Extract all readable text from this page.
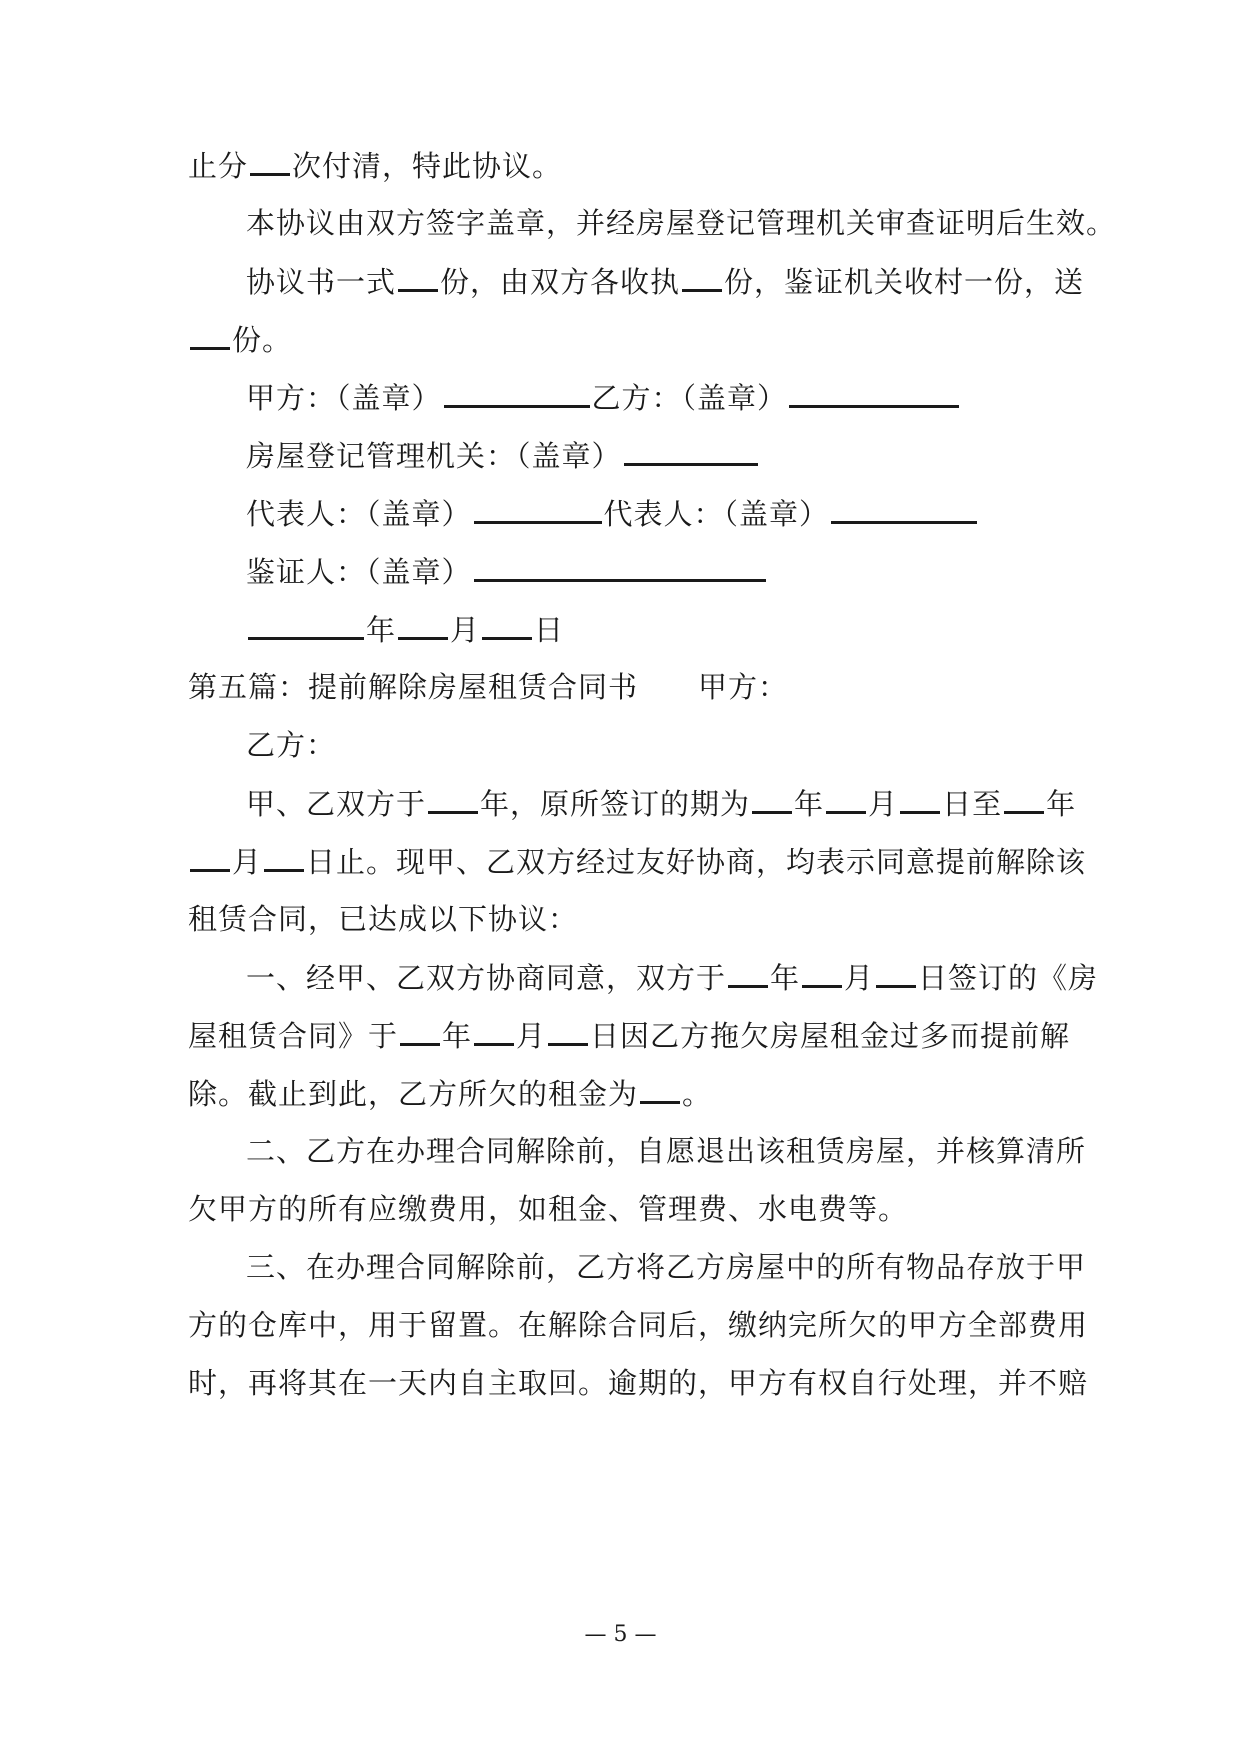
止分 次付清，特此协议。
本协议由双方签字盖章，并经房屋登记管理机关审查证明后生效。
协议书一式 份，由双方各收执 份，鉴证机关收村一份，送
份。
甲方：（盖章）	乙方：（盖章）
房屋登记管理机关：（盖章）
代表人：（盖章）	代表人：（盖章）
鉴证人：（盖章）
年 月 日
第五篇：提前解除房屋租赁合同书 甲方：
乙方：
甲、乙双方于 年，原所签订的期为 年 月 日至 年
月 日止。现甲、乙双方经过友好协商，均表示同意提前解除该
租赁合同，已达成以下协议：
一、经甲、乙双方协商同意，双方于 年 月 日签订的《房
屋租赁合同》于 年 月 日因乙方拖欠房屋租金过多而提前解
除。截止到此，乙方所欠的租金为 。
二、乙方在办理合同解除前，自愿退出该租赁房屋，并核算清所
欠甲方的所有应缴费用，如租金、管理费、水电费等。
三、在办理合同解除前，乙方将乙方房屋中的所有物品存放于甲
方的仓库中，用于留置。在解除合同后，缴纳完所欠的甲方全部费用
时，再将其在一天内自主取回。逾期的，甲方有权自行处理，并不赔
— 5 —
